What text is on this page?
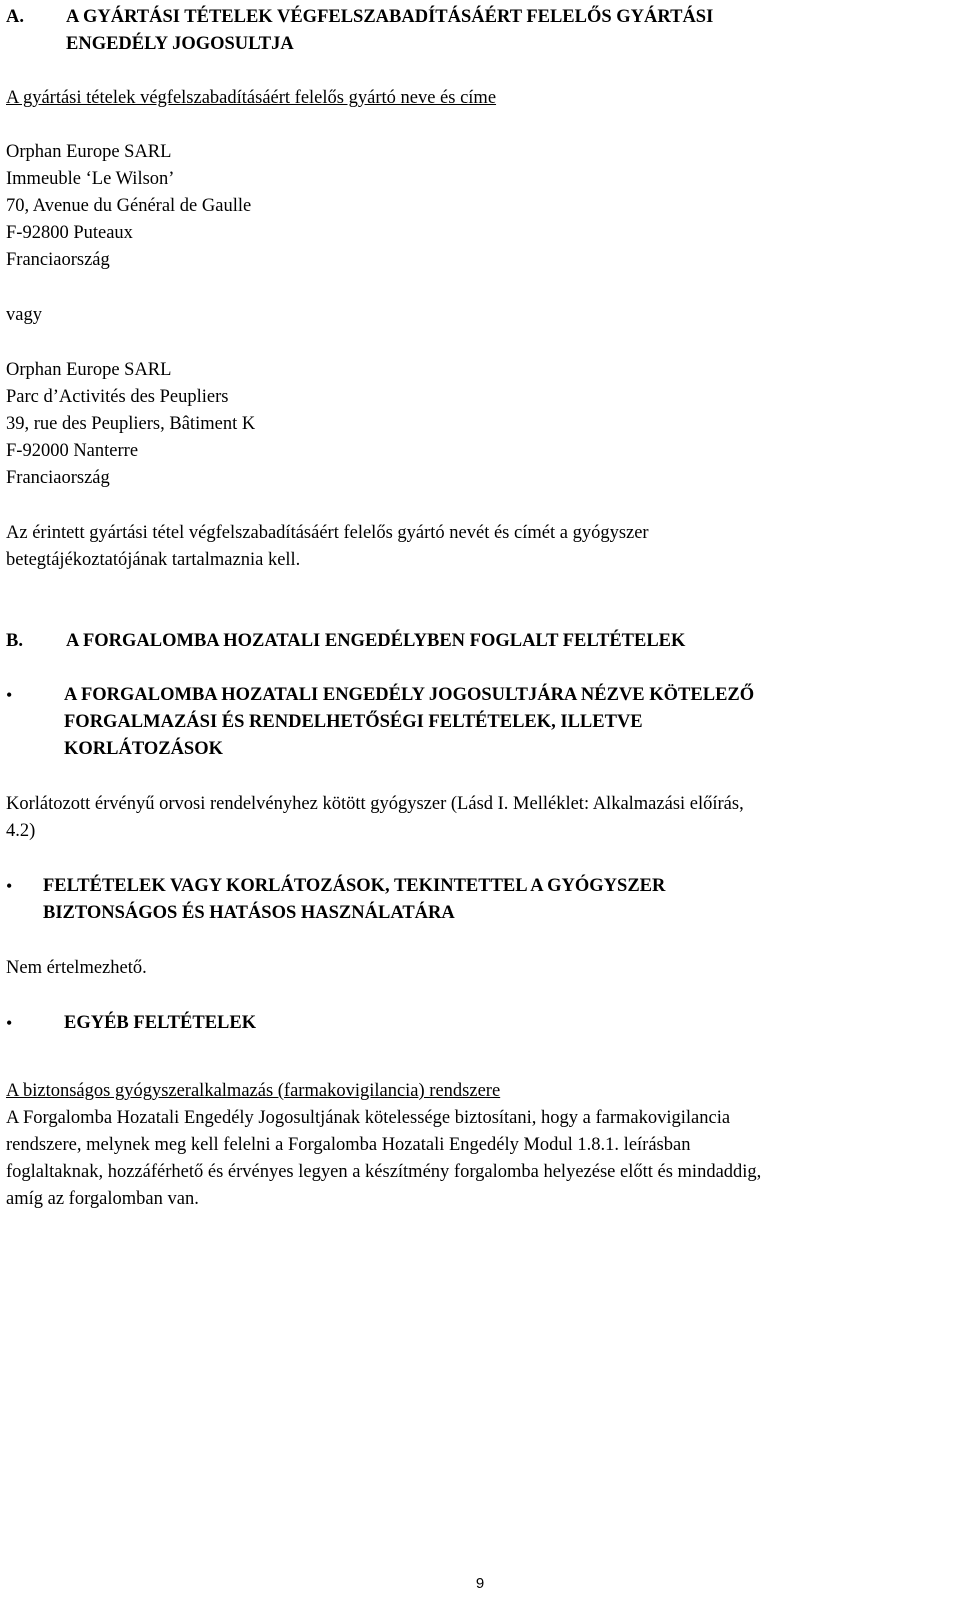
A. A GYÁRTÁSI TÉTELEK VÉGFELSZABADÍTÁSÁÉRT FELELŐS GYÁRTÁSI
ENGEDÉLY JOGOSULTJA
A gyártási tételek végfelszabadításáért felelős gyártó neve és címe
Orphan Europe SARL
Immeuble ‘Le Wilson’
70, Avenue du Général de Gaulle
F-92800 Puteaux
Franciaország
vagy
Orphan Europe SARL
Parc d’Activités des Peupliers
39, rue des Peupliers, Bâtiment K
F-92000 Nanterre
Franciaország
Az érintett gyártási tétel végfelszabadításáért felelős gyártó nevét és címét a gyógyszer
betegtájékoztatójának tartalmaznia kell.
B. A FORGALOMBA HOZATALI ENGEDÉLYBEN FOGLALT FELTÉTELEK
•	A FORGALOMBA HOZATALI ENGEDÉLY JOGOSULTJÁRA NÉZVE KÖTELEZŐ
FORGALMAZÁSI ÉS RENDELHETŐSÉGI FELTÉTELEK, ILLETVE
KORLÁTOZÁSOK
Korlátozott érvényű orvosi rendelvényhez kötött gyógyszer (Lásd I. Melléklet: Alkalmazási előírás,
4.2)
• FELTÉTELEK VAGY KORLÁTOZÁSOK, TEKINTETTEL A GYÓGYSZER
BIZTONSÁGOS ÉS HATÁSOS HASZNÁLATÁRA
Nem értelmezhető.
•	EGYÉB FELTÉTELEK
A biztonságos gyógyszeralkalmazás (farmakovigilancia) rendszere
A Forgalomba Hozatali Engedély Jogosultjának kötelessége biztosítani, hogy a farmakovigilancia
rendszere, melynek meg kell felelni a Forgalomba Hozatali Engedély Modul 1.8.1. leírásban
foglaltaknak, hozzáférhető és érvényes legyen a készítmény forgalomba helyezése előtt és mindaddig,
amíg az forgalomban van.
9
